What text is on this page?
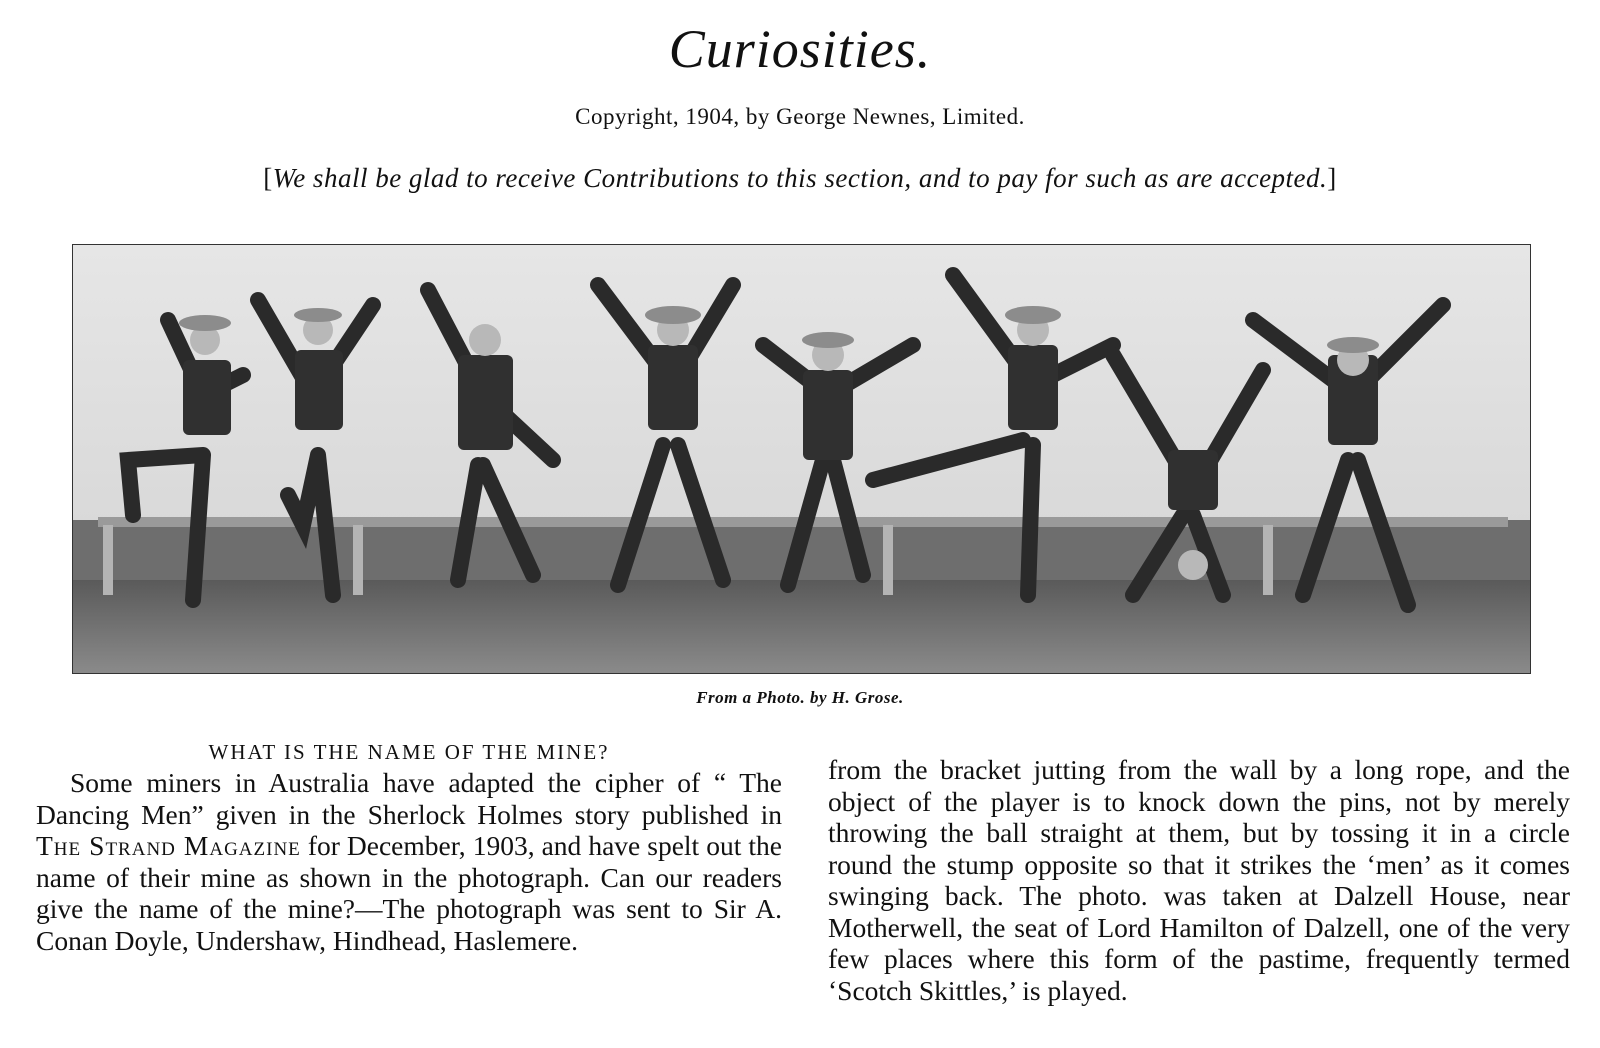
Curiosities.
Copyright, 1904, by George Newnes, Limited.
[We shall be glad to receive Contributions to this section, and to pay for such as are accepted.]
From a Photo. by H. Grose.
WHAT IS THE NAME OF THE MINE?

Some miners in Australia have adapted the cipher of “ The Dancing Men” given in the Sherlock Holmes story published in The Strand Magazine for December, 1903, and have spelt out the name of their mine as shown in the photograph. Can our readers give the name of the mine?—The photograph was sent to Sir A. Conan Doyle, Undershaw, Hindhead, Haslemere.

from the bracket jutting from the wall by a long rope, and the object of the player is to knock down the pins, not by merely throwing the ball straight at them, but by tossing it in a circle round the stump opposite so that it strikes the ‘men’ as it comes swinging back. The photo. was taken at Dalzell House, near Motherwell, the seat of Lord Hamilton of Dalzell, one of the very few places where this form of the pastime, frequently termed ‘Scotch Skittles,’ is played.
